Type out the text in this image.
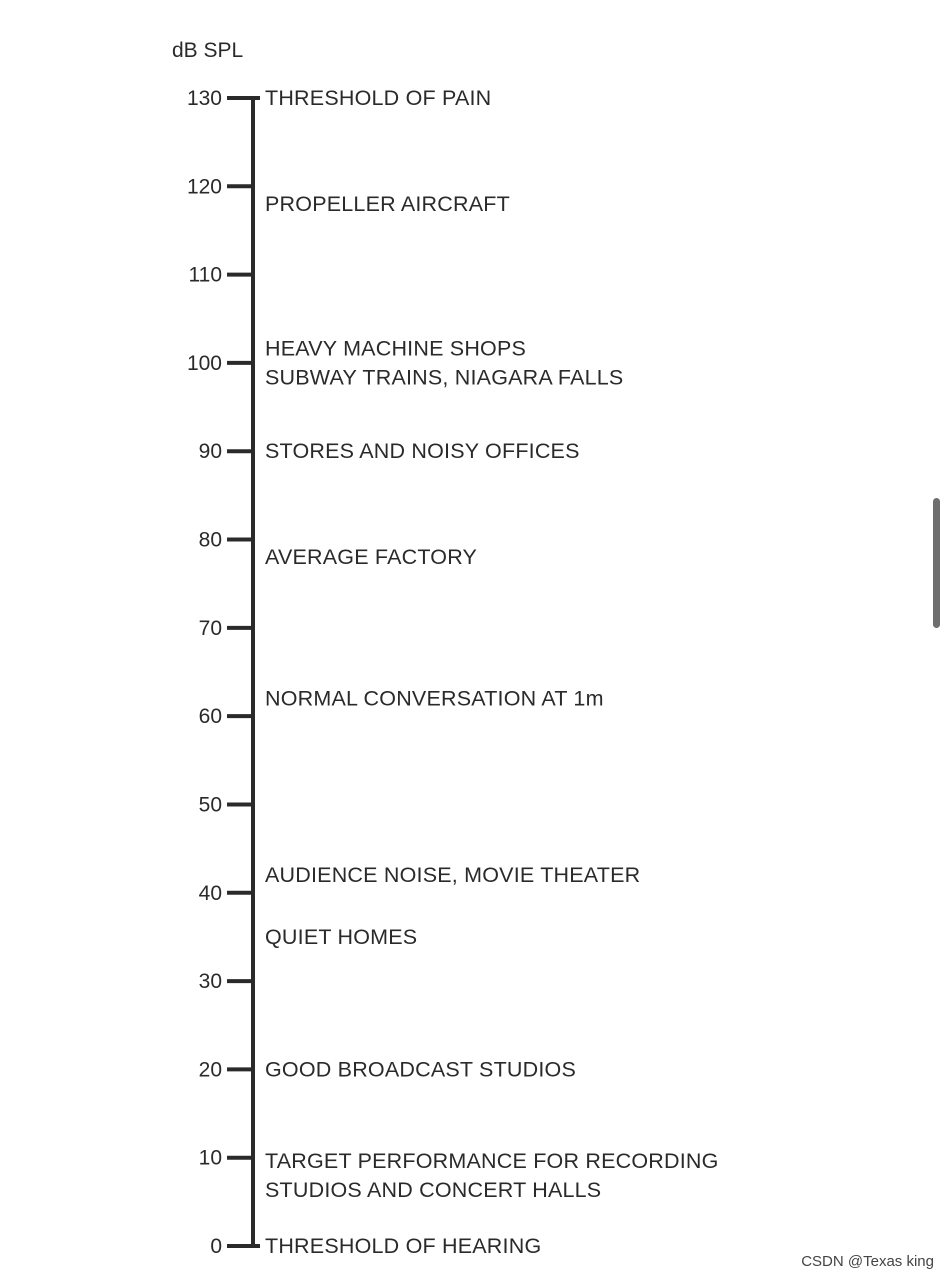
dB SPL
0
10
20
30
40
50
60
70
80
90
100
110
120
130 THRESHOLD OF PAIN
PROPELLER AIRCRAFT
HEAVY MACHINE SHOPS
SUBWAY TRAINS, NIAGARA FALLS
STORES AND NOISY OFFICES
AVERAGE FACTORY
NORMAL CONVERSATION AT 1m
AUDIENCE NOISE, MOVIE THEATER
QUIET HOMES
GOOD BROADCAST STUDIOS
TARGET PERFORMANCE FOR RECORDING
STUDIOS AND CONCERT HALLS
THRESHOLD OF HEARING
CSDN @Texas king
